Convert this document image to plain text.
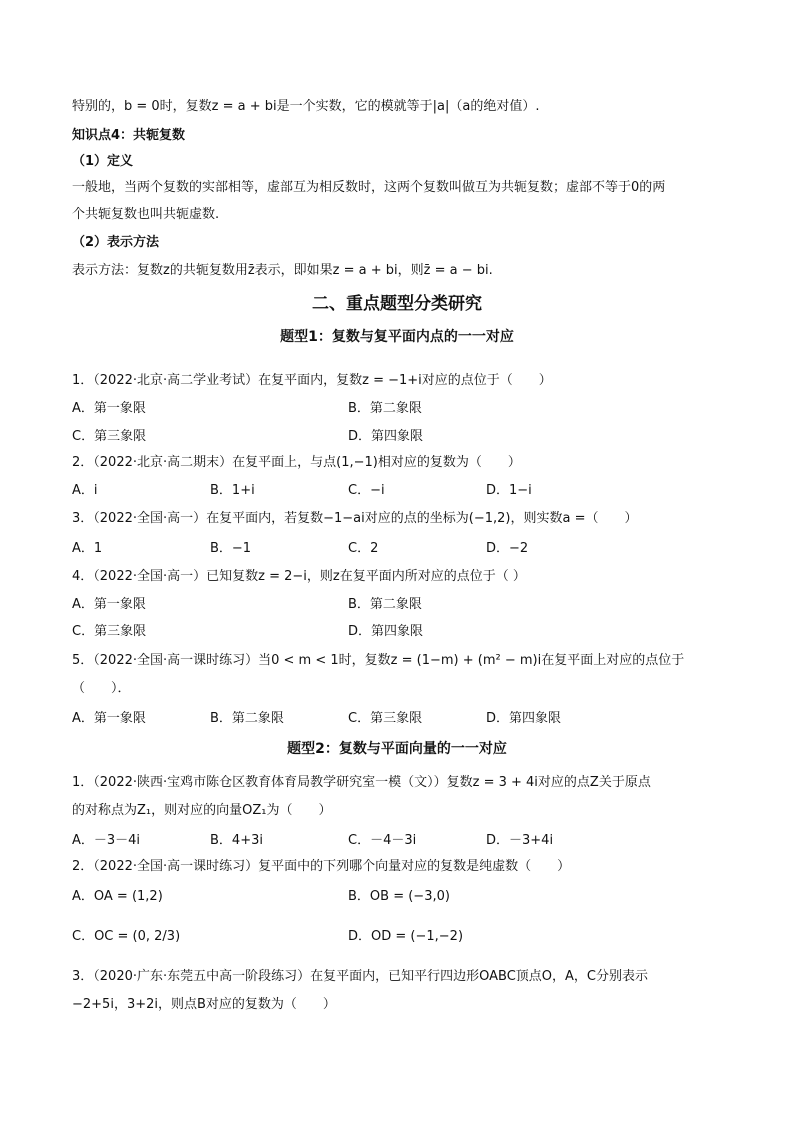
特别的，b = 0时，复数z = a + bi是一个实数，它的模就等于|a|（a的绝对值）.
知识点4：共轭复数
（1）定义
一般地，当两个复数的实部相等，虚部互为相反数时，这两个复数叫做互为共轭复数；虚部不等于0的两
个共轭复数也叫共轭虚数.
（2）表示方法
表示方法：复数z的共轭复数用z̄表示，即如果z = a + bi，则z̄ = a − bi.
二、重点题型分类研究
题型1：复数与复平面内点的一一对应
1．（2022·北京·高二学业考试）在复平面内，复数z = −1+i对应的点位于（　　）
A．第一象限	B．第二象限
C．第三象限	D．第四象限
2．（2022·北京·高二期末）在复平面上，与点(1,−1)相对应的复数为（　　）
A．i	B．1+i	C．−i	D．1−i
3．（2022·全国·高一）在复平面内，若复数−1−ai对应的点的坐标为(−1,2)，则实数a =（　　）
A．1	B．−1	C．2	D．−2
4．（2022·全国·高一）已知复数z = 2−i，则z在复平面内所对应的点位于（ ）
A．第一象限	B．第二象限
C．第三象限	D．第四象限
5．（2022·全国·高一课时练习）当0 < m < 1时，复数z = (1−m) + (m² − m)i在复平面上对应的点位于
（　　）．
A．第一象限	B．第二象限	C．第三象限	D．第四象限
题型2：复数与平面向量的一一对应
1．（2022·陕西·宝鸡市陈仓区教育体育局教学研究室一模（文））复数z = 3 + 4i对应的点Z关于原点
的对称点为Z₁，则对应的向量OZ₁为（　　）
A．－3－4i	B．4+3i	C．－4－3i	D．－3+4i
2．（2022·全国·高一课时练习）复平面中的下列哪个向量对应的复数是纯虚数（　　）
A．OA = (1,2)	B．OB = (−3,0)
C．OC = (0, 2/3)	D．OD = (−1,−2)
3．（2020·广东·东莞五中高一阶段练习）在复平面内，已知平行四边形OABC顶点O，A，C分别表示
−2+5i，3+2i，则点B对应的复数为（　　）
